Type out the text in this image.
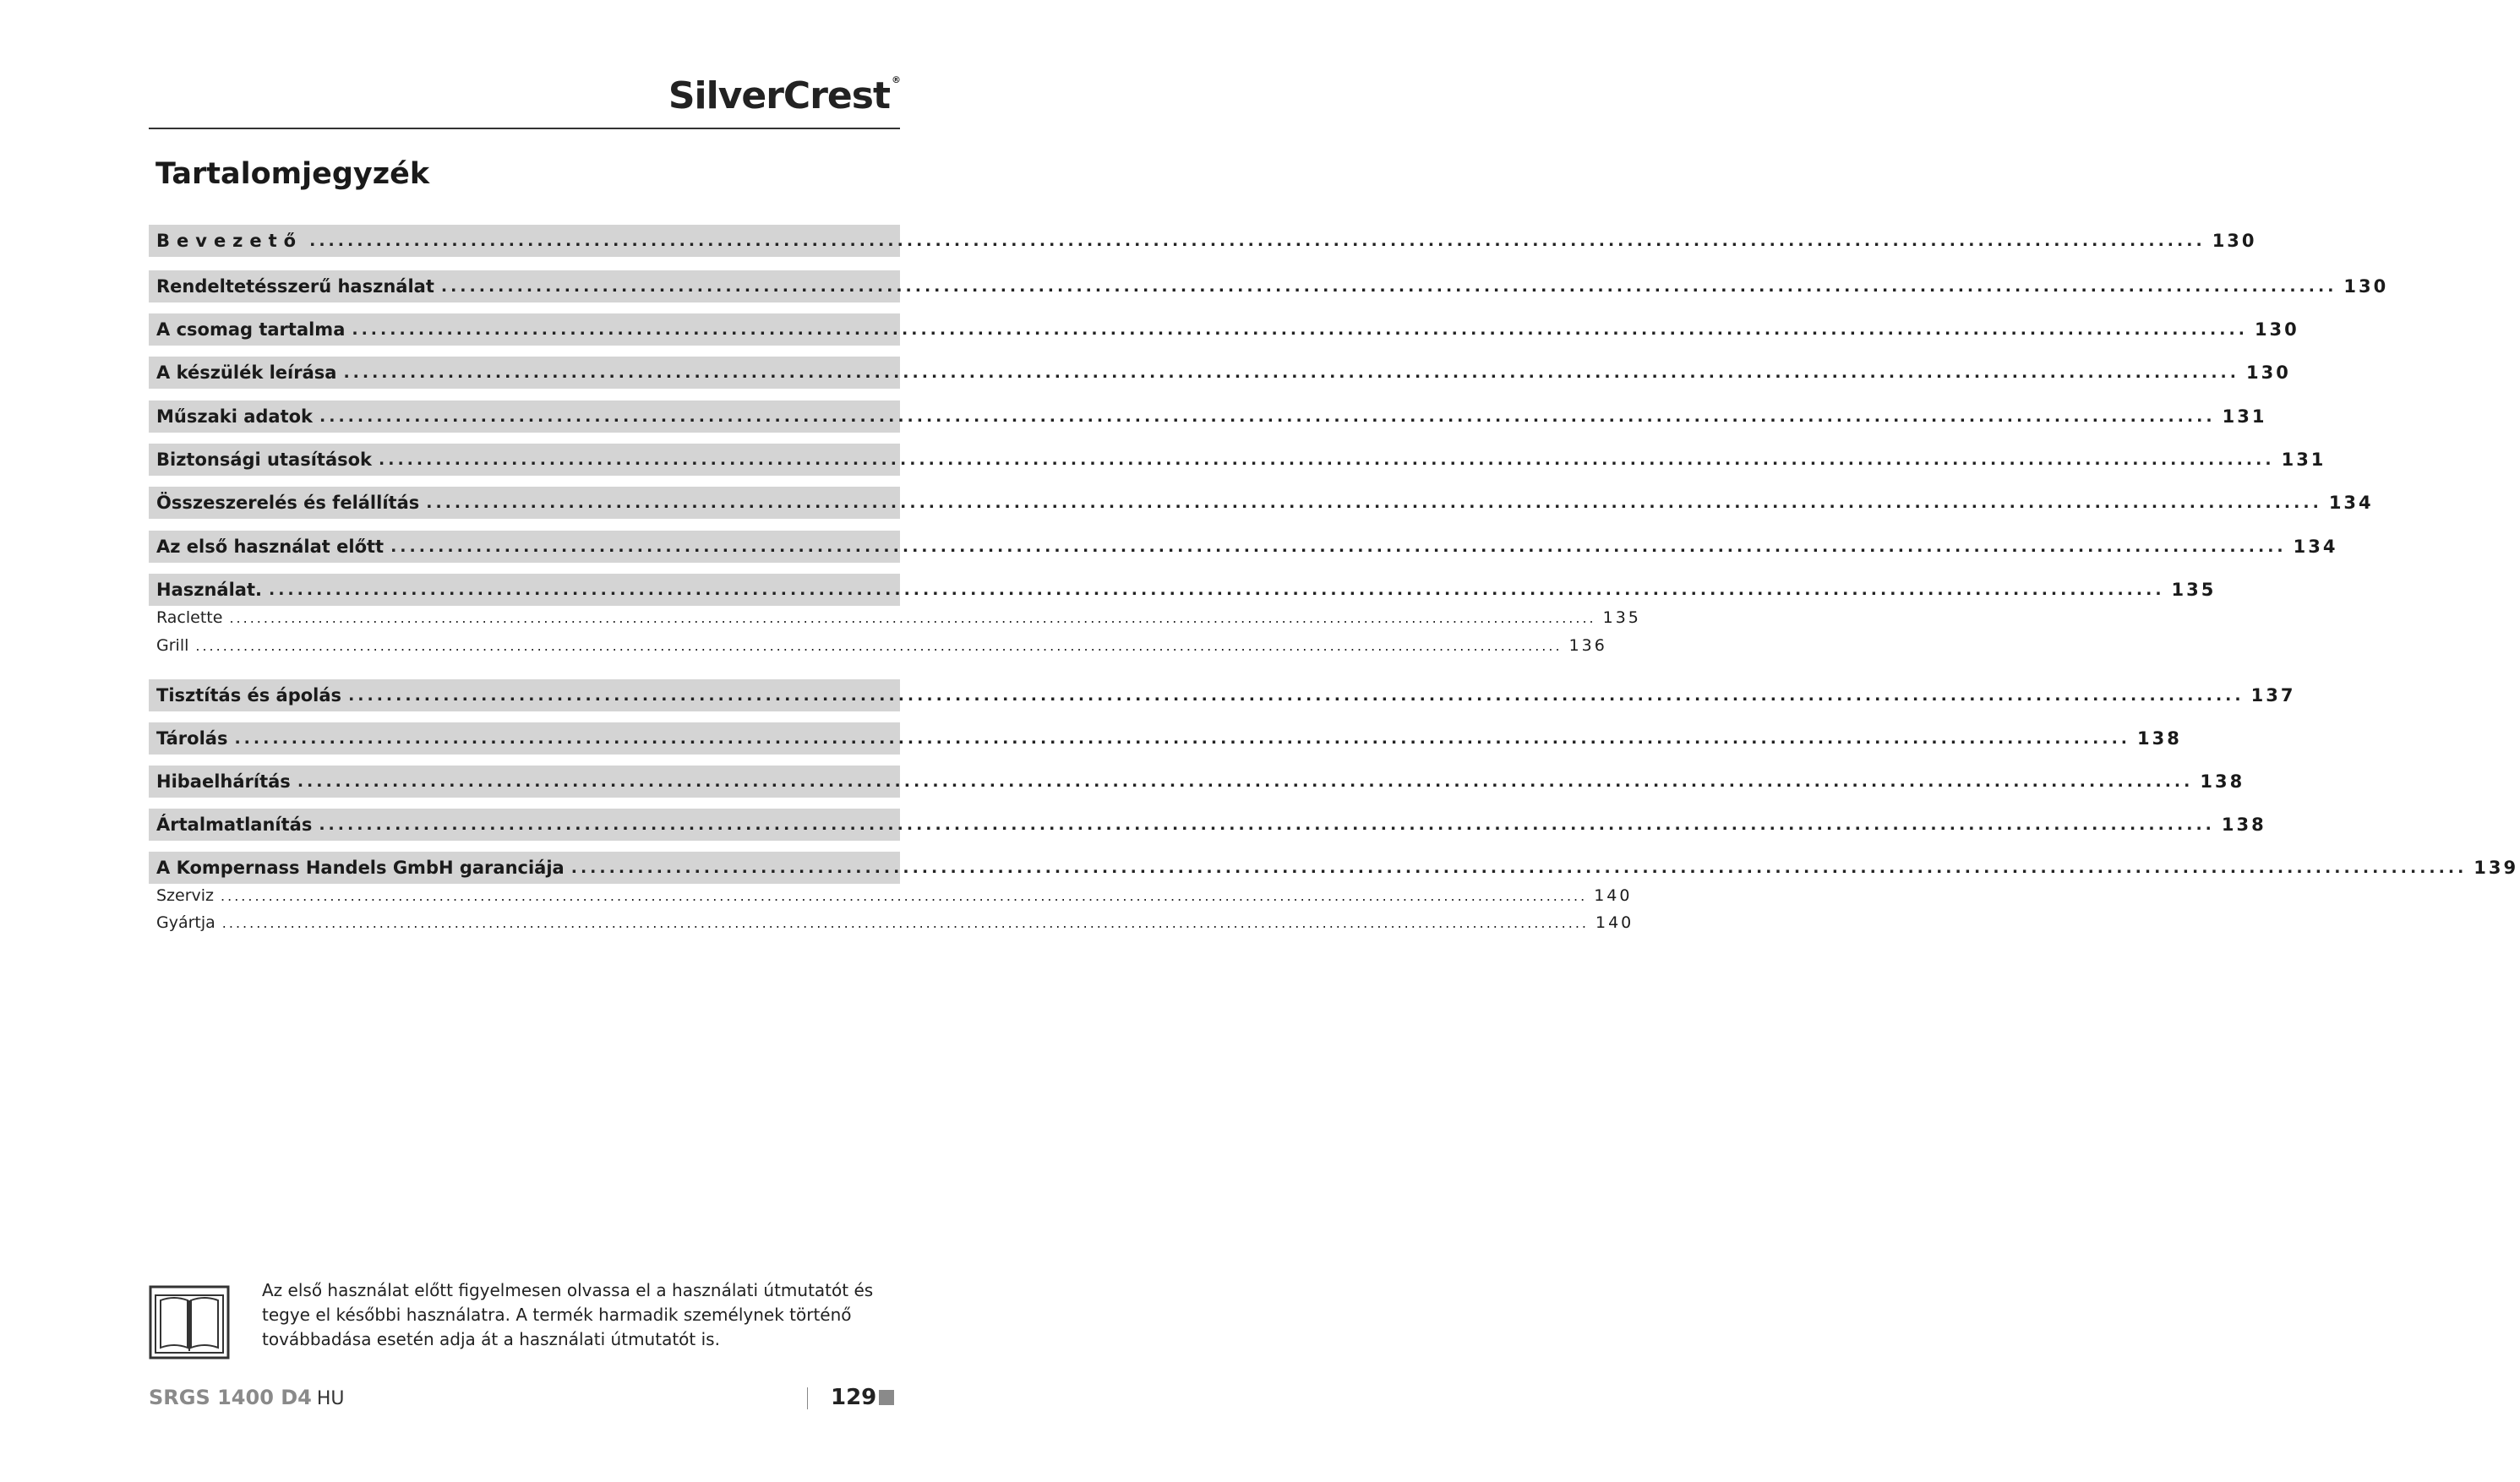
SilverCrest ®
Tartalomjegyzék
Bevezető ........................................................................................................................................................................................................ 130
Rendeltetésszerű használat ........................................................................................................................................................................................................ 130
A csomag tartalma ........................................................................................................................................................................................................ 130
A készülék leírása ........................................................................................................................................................................................................ 130
Műszaki adatok ........................................................................................................................................................................................................ 131
Biztonsági utasítások ........................................................................................................................................................................................................ 131
Összeszerelés és felállítás ........................................................................................................................................................................................................ 134
Az első használat előtt ........................................................................................................................................................................................................ 134
Használat. ........................................................................................................................................................................................................ 135
Raclette ........................................................................................................................................................................................................ 135
Grill ........................................................................................................................................................................................................ 136
Tisztítás és ápolás ........................................................................................................................................................................................................ 137
Tárolás ........................................................................................................................................................................................................ 138
Hibaelhárítás ........................................................................................................................................................................................................ 138
Ártalmatlanítás ........................................................................................................................................................................................................ 138
A Kompernass Handels GmbH garanciája ........................................................................................................................................................................................................ 139
Szerviz ........................................................................................................................................................................................................ 140
Gyártja ........................................................................................................................................................................................................ 140

Az első használat előtt figyelmesen olvassa el a használati útmutatót és tegye el későbbi használatra. A termék harmadik személynek történő továbbadása esetén adja át a használati útmutatót is.

SRGS 1400 D4 HU	129
